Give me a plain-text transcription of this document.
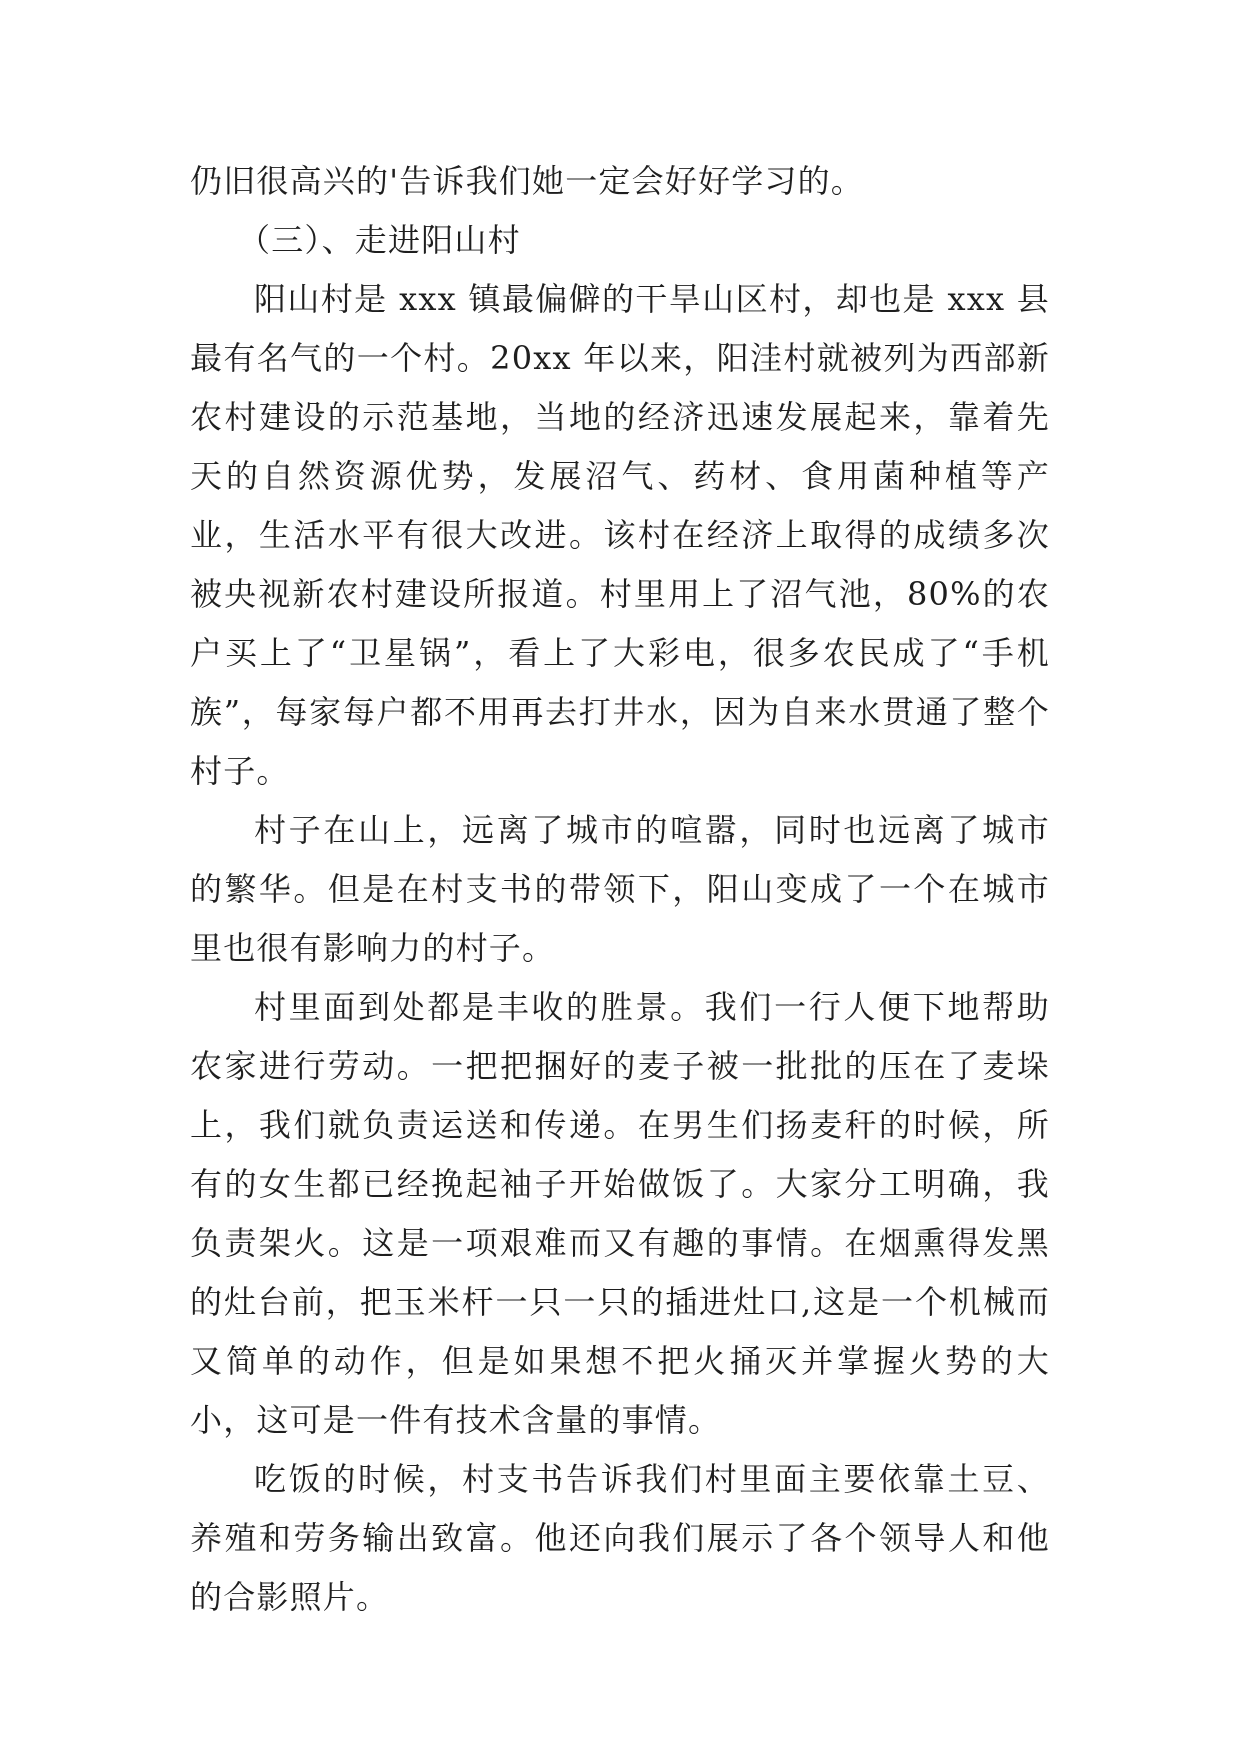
仍旧很高兴的'告诉我们她一定会好好学习的。

（三）、走进阳山村

阳山村是 xxx 镇最偏僻的干旱山区村，却也是 xxx 县最有名气的一个村。20xx 年以来，阳洼村就被列为西部新农村建设的示范基地，当地的经济迅速发展起来，靠着先天的自然资源优势，发展沼气、药材、食用菌种植等产业，生活水平有很大改进。该村在经济上取得的成绩多次被央视新农村建设所报道。村里用上了沼气池，80%的农户买上了“卫星锅”，看上了大彩电，很多农民成了“手机族”，每家每户都不用再去打井水，因为自来水贯通了整个村子。

村子在山上，远离了城市的喧嚣，同时也远离了城市的繁华。但是在村支书的带领下，阳山变成了一个在城市里也很有影响力的村子。

村里面到处都是丰收的胜景。我们一行人便下地帮助农家进行劳动。一把把捆好的麦子被一批批的压在了麦垛上，我们就负责运送和传递。在男生们扬麦秆的时候，所有的女生都已经挽起袖子开始做饭了。大家分工明确，我负责架火。这是一项艰难而又有趣的事情。在烟熏得发黑的灶台前，把玉米杆一只一只的插进灶口,这是一个机械而又简单的动作，但是如果想不把火捅灭并掌握火势的大小，这可是一件有技术含量的事情。

吃饭的时候，村支书告诉我们村里面主要依靠土豆、养殖和劳务输出致富。他还向我们展示了各个领导人和他的合影照片。
